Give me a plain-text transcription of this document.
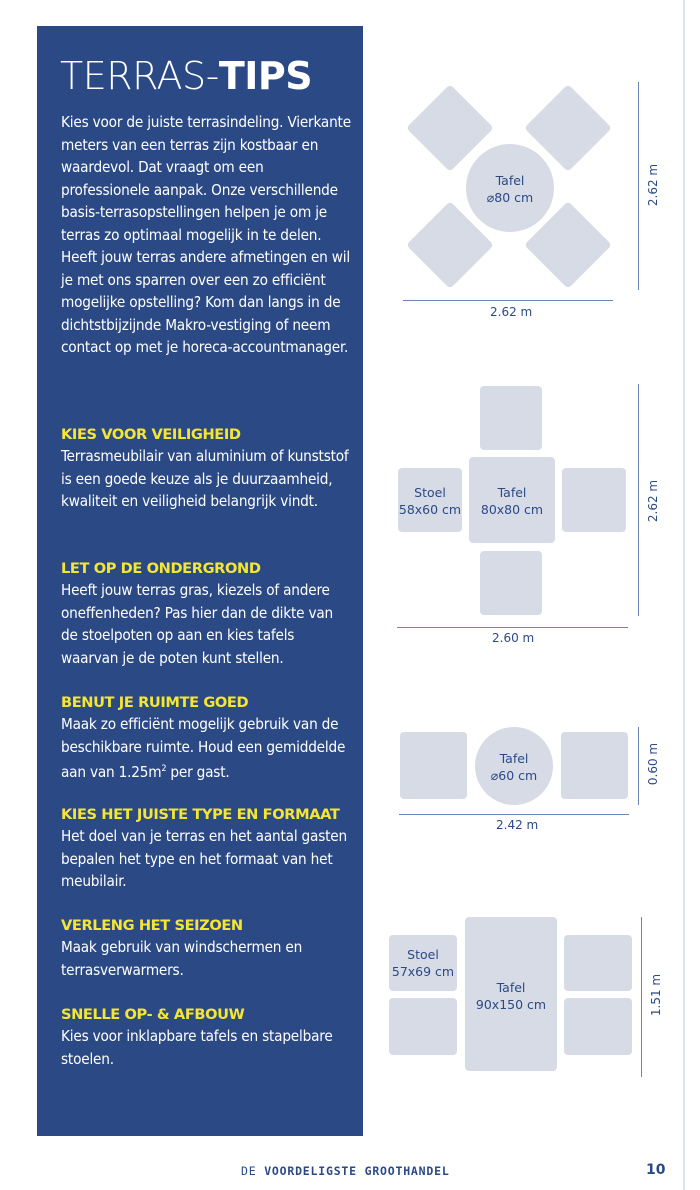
TERRAS-TIPS
Kies voor de juiste terrasindeling. Vierkante meters van een terras zijn kostbaar en waardevol. Dat vraagt om een professionele aanpak. Onze verschillende basis-terrasopstellingen helpen je om je terras zo optimaal mogelijk in te delen. Heeft jouw terras andere afmetingen en wil je met ons sparren over een zo efficiënt mogelijke opstelling? Kom dan langs in de dichtstbijzijnde Makro-vestiging of neem contact op met je horeca-accountmanager.
KIES VOOR VEILIGHEID
Terrasmeubilair van aluminium of kunststof is een goede keuze als je duurzaamheid, kwaliteit en veiligheid belangrijk vindt.
LET OP DE ONDERGROND
Heeft jouw terras gras, kiezels of andere oneffenheden? Pas hier dan de dikte van de stoelpoten op aan en kies tafels waarvan je de poten kunt stellen.
BENUT JE RUIMTE GOED
Maak zo efficiënt mogelijk gebruik van de beschikbare ruimte. Houd een gemiddelde aan van $1.25m^2$ per gast.
KIES HET JUISTE TYPE EN FORMAAT
Het doel van je terras en het aantal gasten bepalen het type en het formaat van het meubilair.
VERLENG HET SEIZOEN
Maak gebruik van windschermen en terrasverwarmers.
SNELLE OP- & AFBOUW
Kies voor inklapbare tafels en stapelbare stoelen.
Tafel
⌀80 cm
2.62 m
2.62 m
Stoel
58x60 cm
Tafel
80x80 cm
2.60 m
2.62 m
Tafel
⌀60 cm
2.42 m
0.60 m
Stoel
57x69 cm
Tafel
90x150 cm	1.51 m
DE VOORDELIGSTE GROOTHANDEL	10
